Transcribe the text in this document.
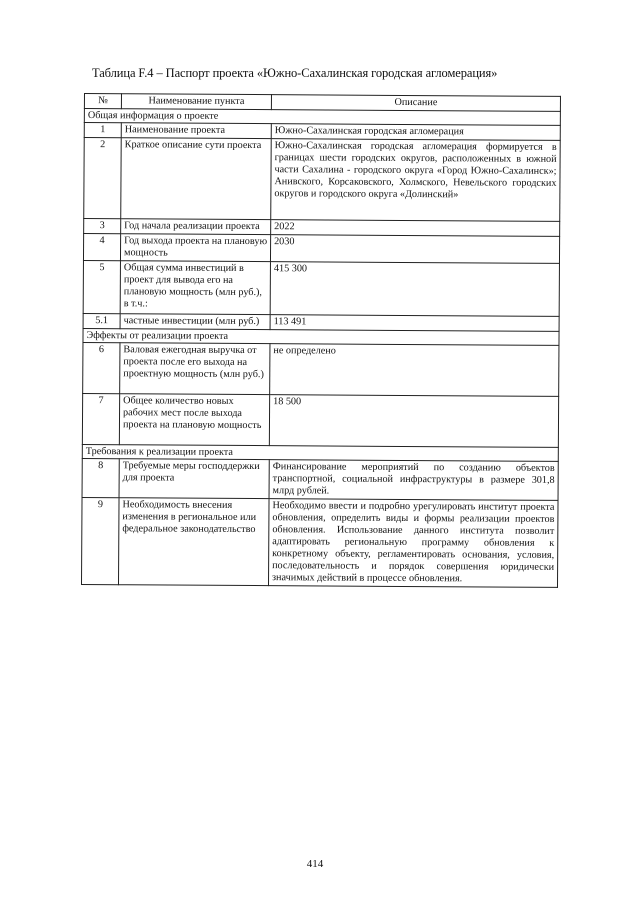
Таблица F.4 – Паспорт проекта «Южно-Сахалинская городская агломерация»
№	Наименование пункта	Описание
Общая информация о проекте		
1	Наименование проекта	Южно-Сахалинская городская агломерация
2	Краткое описание сути проекта	Южно-Сахалинская городская агломерация формируется в границах шести городских округов, расположенных в южной части Сахалина - городского округа «Город Южно-Сахалинск»; Анивского, Корсаковского, Холмского, Невельского городских округов и городского округа «Долинский»
3	Год начала реализации проекта	2022
4	Год выхода проекта на плановую мощность	2030
5	Общая сумма инвестиций в проект для вывода его на плановую мощность (млн руб.), в т.ч.:	415 300
5.1	частные инвестиции (млн руб.)	113 491
Эффекты от реализации проекта		
6	Валовая ежегодная выручка от проекта после его выхода на проектную мощность (млн руб.)	не определено
7	Общее количество новых рабочих мест после выхода проекта на плановую мощность	18 500
Требования к реализации проекта		
8	Требуемые меры господдержки для проекта	Финансирование мероприятий по созданию объектов транспортной, социальной инфраструктуры в размере 301,8 млрд рублей.
9	Необходимость внесения изменения в региональное или федеральное законодательство	Необходимо ввести и подробно урегулировать институт проекта обновления, определить виды и формы реализации проектов обновления. Использование данного института позволит адаптировать региональную программу обновления к конкретному объекту, регламентировать основания, условия, последовательность и порядок совершения юридически значимых действий в процессе обновления.
414
